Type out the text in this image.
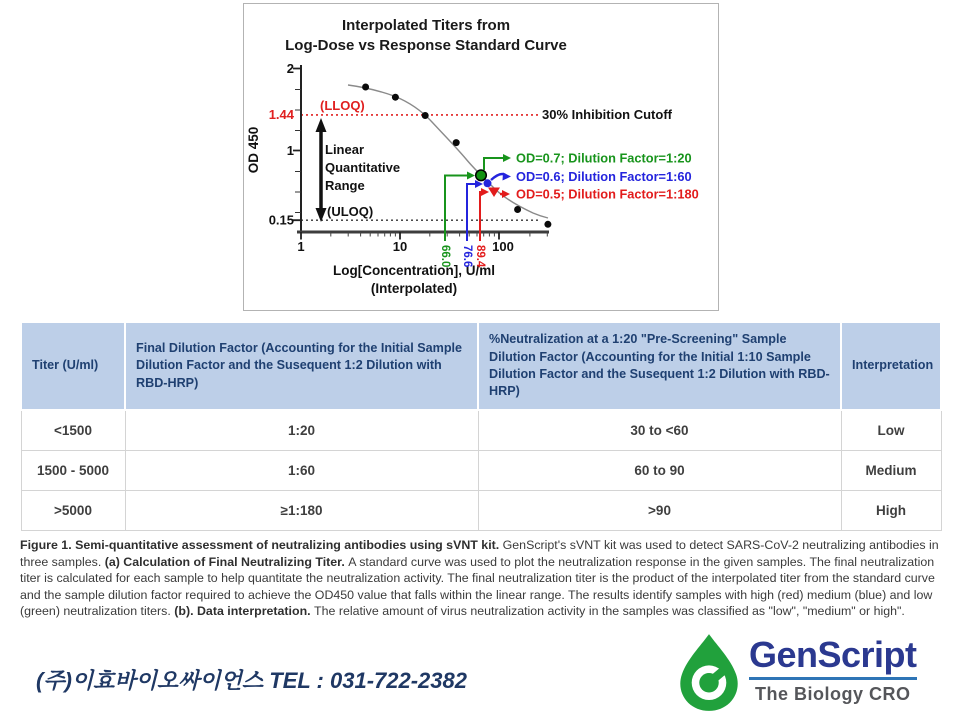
Interpolated Titers from
Log-Dose vs Response Standard Curve
2
1
0.15
1.44
1	10	100
OD 450
Log[Concentration], U/ml
(Interpolated)
(LLOQ)
30% Inhibition Cutoff
(ULOQ)
Linear
Quantitative
Range
OD=0.7; Dilution Factor=1:20
OD=0.6; Dilution Factor=1:60
OD=0.5; Dilution Factor=1:180
66.0 76.6 89.4
Titer (U/ml)	Final Dilution Factor (Accounting for the Initial Sample Dilution Factor and the Susequent 1:2 Dilution with RBD-HRP)	%Neutralization at a 1:20 "Pre-Screening" Sample Dilution Factor (Accounting for the Initial 1:10 Sample Dilution Factor and the Susequent 1:2 Dilution with RBD-HRP)	Interpretation
<1500	1:20	30 to <60	Low
1500 - 5000	1:60	60 to 90	Medium
>5000	≥1:180	>90	High

Figure 1. Semi-quantitative assessment of neutralizing antibodies using sVNT kit. GenScript's sVNT kit was used to detect SARS-CoV-2 neutralizing antibodies in three samples. (a) Calculation of Final Neutralizing Titer. A standard curve was used to plot the neutralization response in the given samples. The final neutralization titer is calculated for each sample to help quantitate the neutralization activity. The final neutralization titer is the product of the interpolated titer from the standard curve and the sample dilution factor required to achieve the OD450 value that falls within the linear range. The results identify samples with high (red) medium (blue) and low (green) neutralization titers. (b). Data interpretation. The relative amount of virus neutralization activity in the samples was classified as "low", "medium" or high".

(주)이효바이오싸이언스 TEL : 031-722-2382
GenScript
The Biology CRO
